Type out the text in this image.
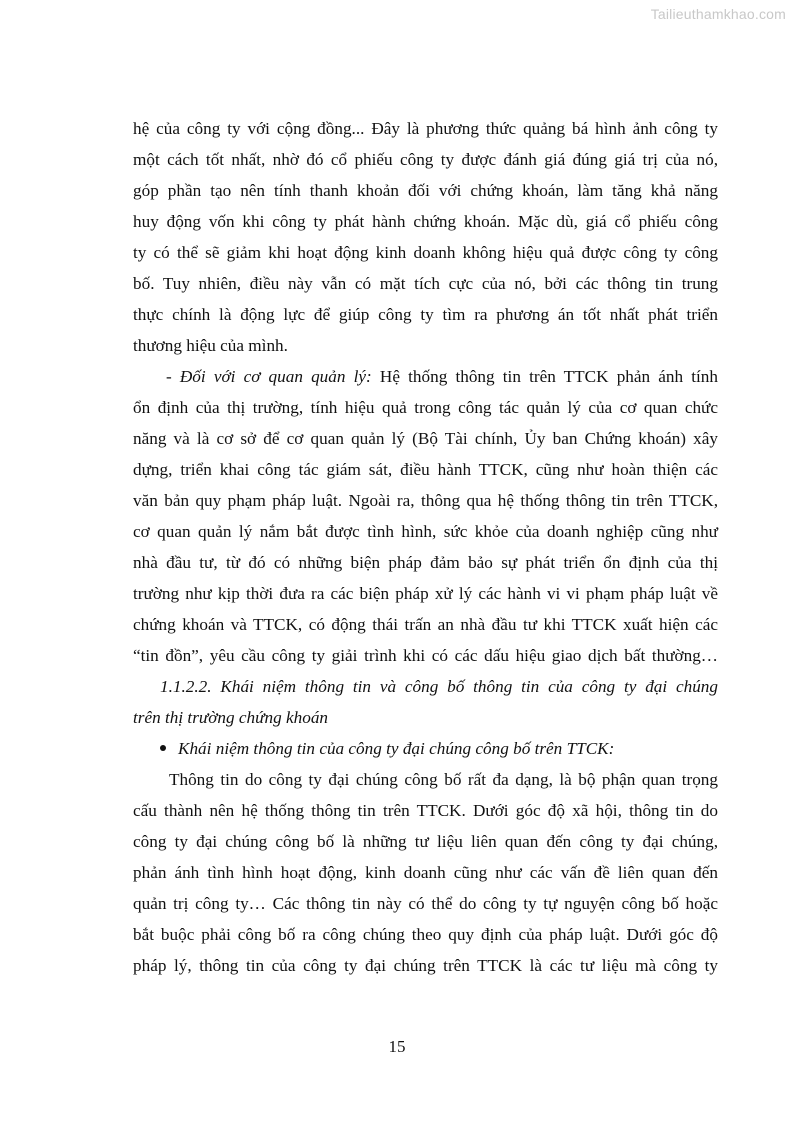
Tailieuthamkhao.com
hệ của công ty với cộng đồng... Đây là phương thức quảng bá hình ảnh công ty
một cách tốt nhất, nhờ đó cổ phiếu công ty được đánh giá đúng giá trị của nó,
góp phần tạo nên tính thanh khoản đối với chứng khoán, làm tăng khả năng
huy động vốn khi công ty phát hành chứng khoán. Mặc dù, giá cổ phiếu công
ty có thể sẽ giảm khi hoạt động kinh doanh không hiệu quả được công ty công
bố. Tuy nhiên, điều này vẫn có mặt tích cực của nó, bởi các thông tin trung
thực chính là động lực để giúp công ty tìm ra phương án tốt nhất phát triển
thương hiệu của mình.
- Đối với cơ quan quản lý: Hệ thống thông tin trên TTCK phản ánh tính
ổn định của thị trường, tính hiệu quả trong công tác quản lý của cơ quan chức
năng và là cơ sở để cơ quan quản lý (Bộ Tài chính, Ủy ban Chứng khoán) xây
dựng, triển khai công tác giám sát, điều hành TTCK, cũng như hoàn thiện các
văn bản quy phạm pháp luật. Ngoài ra, thông qua hệ thống thông tin trên TTCK,
cơ quan quản lý nắm bắt được tình hình, sức khỏe của doanh nghiệp cũng như
nhà đầu tư, từ đó có những biện pháp đảm bảo sự phát triển ổn định của thị
trường như kịp thời đưa ra các biện pháp xử lý các hành vi vi phạm pháp luật về
chứng khoán và TTCK, có động thái trấn an nhà đầu tư khi TTCK xuất hiện các
“tin đồn”, yêu cầu công ty giải trình khi có các dấu hiệu giao dịch bất thường…
1.1.2.2. Khái niệm thông tin và công bố thông tin của công ty đại chúng
trên thị trường chứng khoán
Khái niệm thông tin của công ty đại chúng công bố trên TTCK:
Thông tin do công ty đại chúng công bố rất đa dạng, là bộ phận quan trọng
cấu thành nên hệ thống thông tin trên TTCK. Dưới góc độ xã hội, thông tin do
công ty đại chúng công bố là những tư liệu liên quan đến công ty đại chúng,
phản ánh tình hình hoạt động, kinh doanh cũng như các vấn đề liên quan đến
quản trị công ty… Các thông tin này có thể do công ty tự nguyện công bố hoặc
bắt buộc phải công bố ra công chúng theo quy định của pháp luật. Dưới góc độ
pháp lý, thông tin của công ty đại chúng trên TTCK là các tư liệu mà công ty
15
